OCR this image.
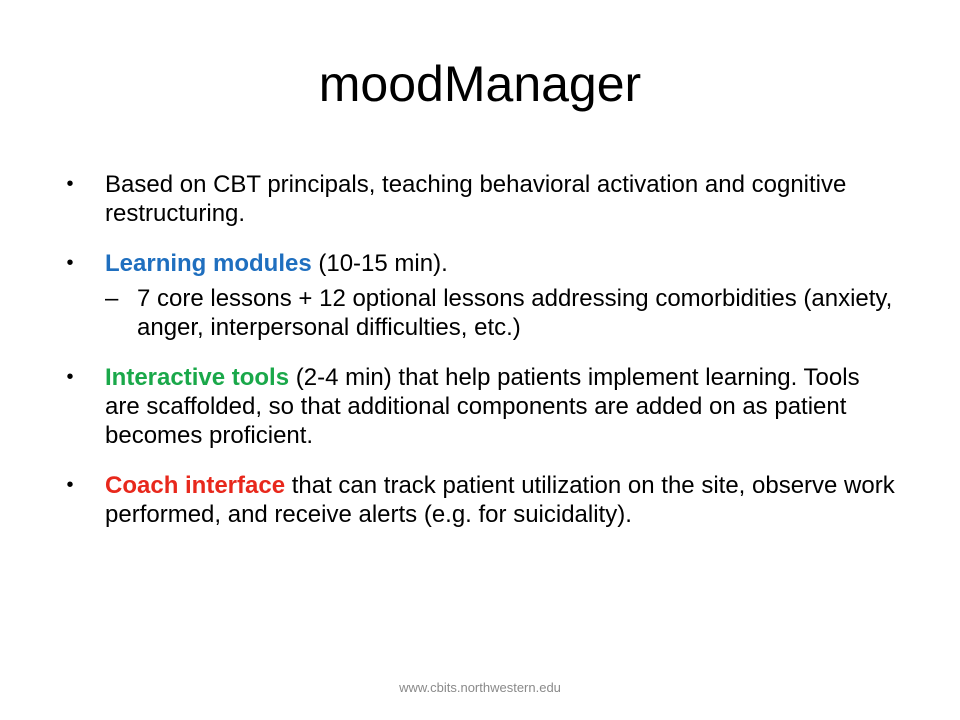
moodManager
• Based on CBT principals, teaching behavioral activation and cognitive restructuring.
• Learning modules (10-15 min).
– 7 core lessons + 12 optional lessons addressing comorbidities (anxiety, anger, interpersonal difficulties, etc.)
• Interactive tools (2-4 min) that help patients implement learning. Tools are scaffolded, so that additional components are added on as patient becomes proficient.
• Coach interface that can track patient utilization on the site, observe work performed, and receive alerts (e.g. for suicidality).
www.cbits.northwestern.edu
